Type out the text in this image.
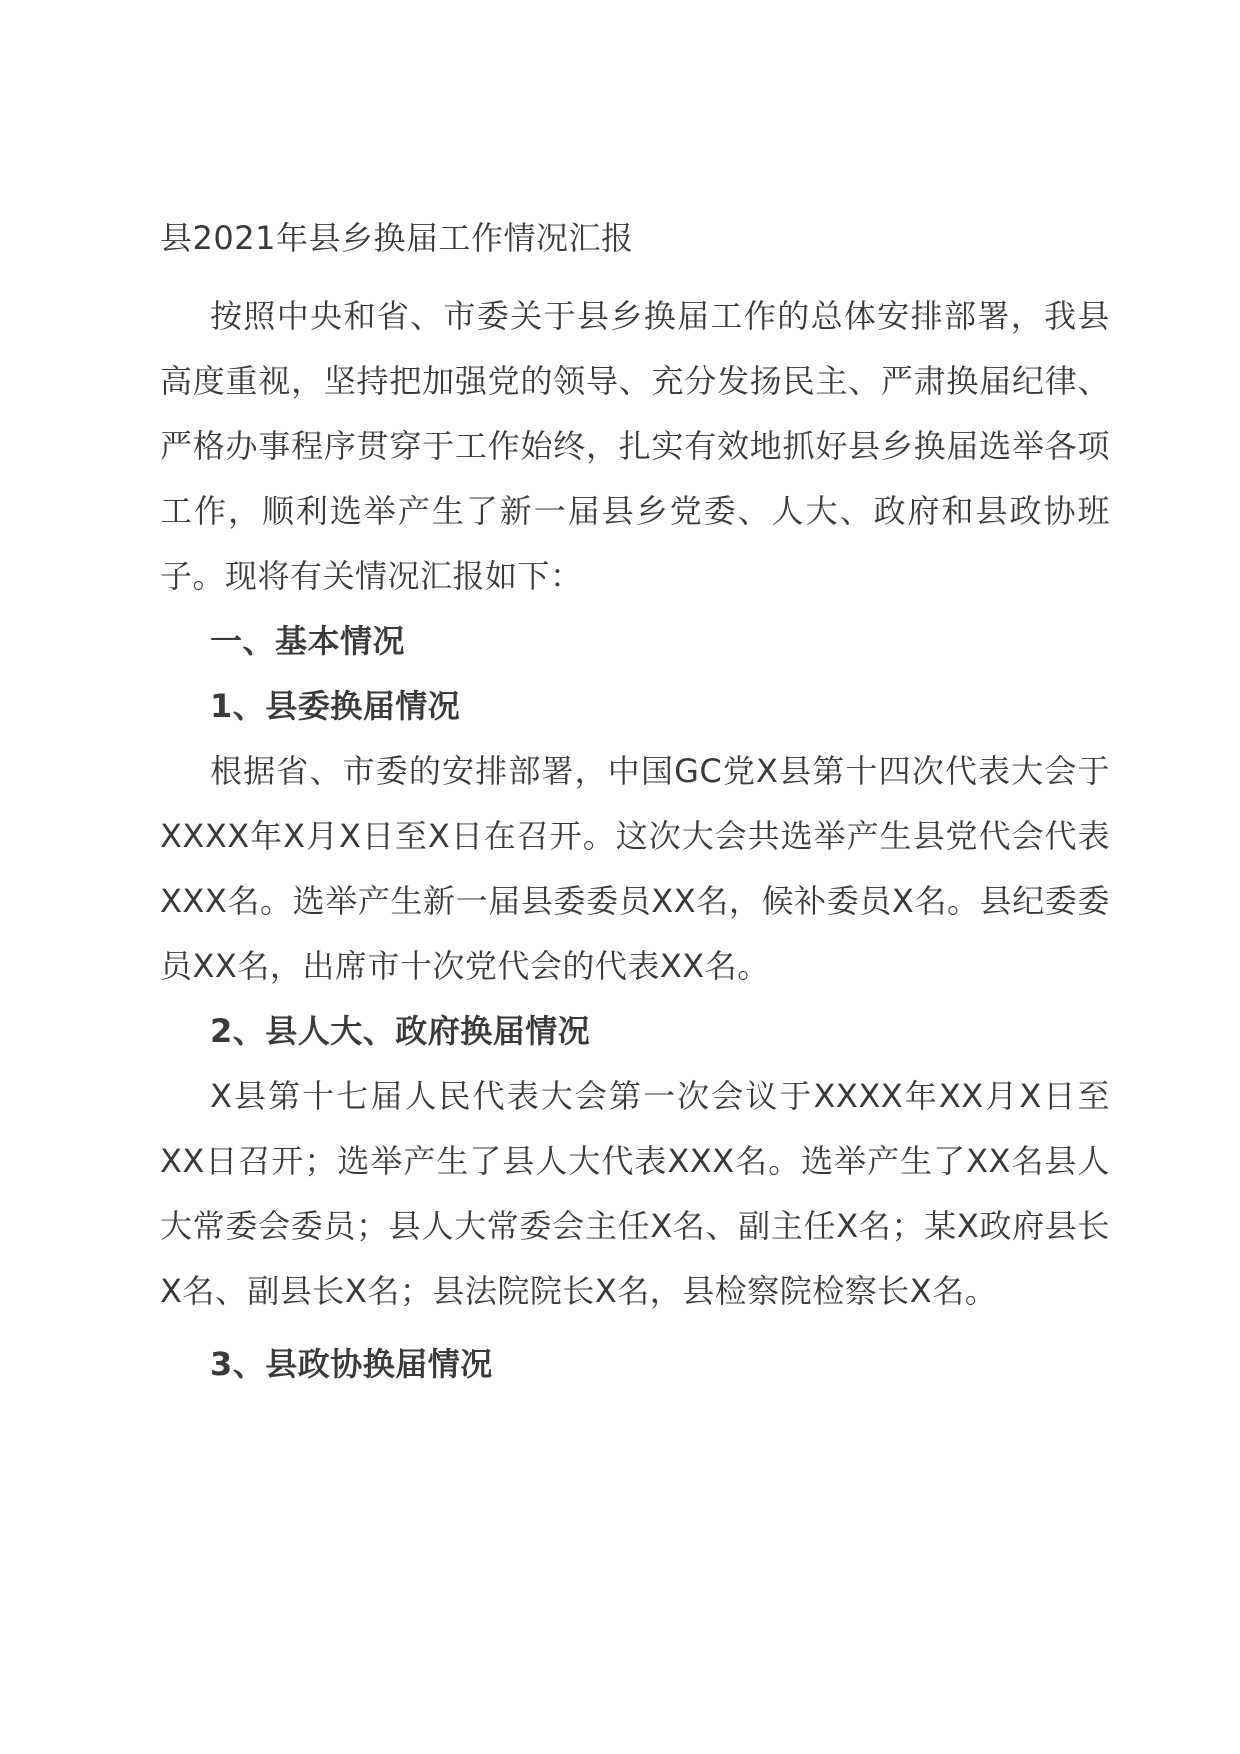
县2021年县乡换届工作情况汇报

按照中央和省、市委关于县乡换届工作的总体安排部署，我县高度重视，坚持把加强党的领导、充分发扬民主、严肃换届纪律、严格办事程序贯穿于工作始终，扎实有效地抓好县乡换届选举各项工作，顺利选举产生了新一届县乡党委、人大、政府和县政协班子。现将有关情况汇报如下：

一、基本情况

1、县委换届情况

根据省、市委的安排部署，中国GC党X县第十四次代表大会于XXXX年X月X日至X日在召开。这次大会共选举产生县党代会代表XXX名。选举产生新一届县委委员XX名，候补委员X名。县纪委委员XX名，出席市十次党代会的代表XX名。

2、县人大、政府换届情况

X县第十七届人民代表大会第一次会议于XXXX年XX月X日至XX日召开；选举产生了县人大代表XXX名。选举产生了XX名县人大常委会委员；县人大常委会主任X名、副主任X名；某X政府县长X名、副县长X名；县法院院长X名，县检察院检察长X名。

3、县政协换届情况
